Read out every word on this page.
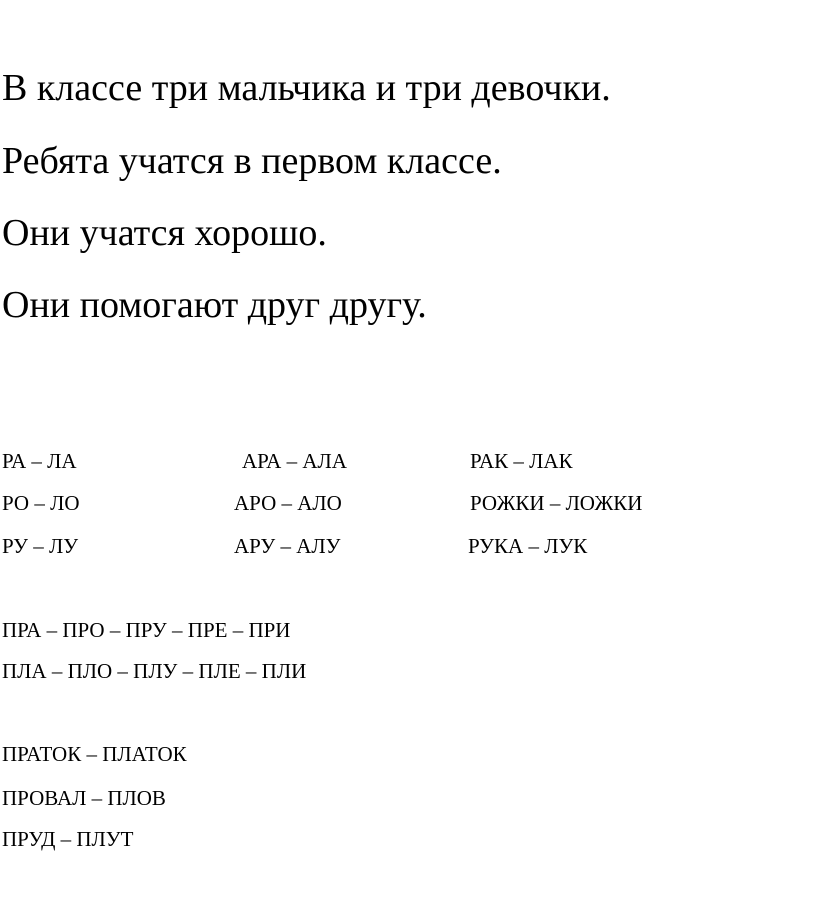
В классе три мальчика и три девочки.

Ребята учатся в первом классе.

Они учатся хорошо.

Они помогают друг другу.

РА – ЛА	АРА – АЛА	РАК – ЛАК
РО – ЛО	АРО – АЛО	РОЖКИ – ЛОЖКИ
РУ – ЛУ	АРУ – АЛУ	РУКА – ЛУК
ПРА – ПРО – ПРУ – ПРЕ – ПРИ
ПЛА – ПЛО – ПЛУ – ПЛЕ – ПЛИ
ПРАТОК – ПЛАТОК
ПРОВАЛ – ПЛОВ
ПРУД – ПЛУТ
